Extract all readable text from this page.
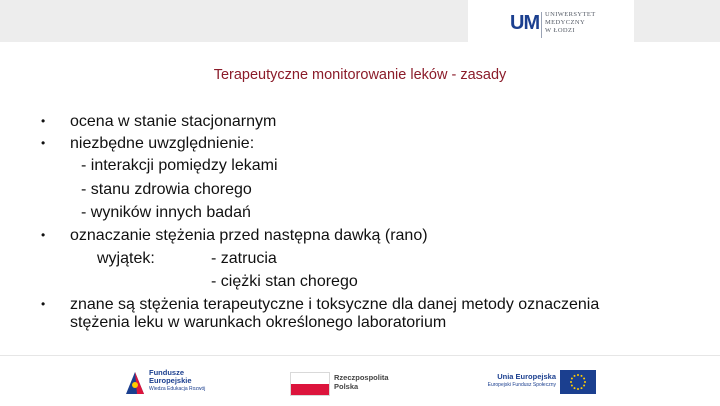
UM UNIWERSYTET
MEDYCZNY
W ŁODZI
Terapeutyczne monitorowanie leków - zasady
• ocena w stanie stacjonarnym
• niezbędne uwzględnienie:
- interakcji pomiędzy lekami
- stanu zdrowia chorego
- wyników innych badań
• oznaczanie stężenia przed następna dawką (rano)
wyjątek:	- zatrucia
- ciężki stan chorego
• znane są stężenia terapeutyczne i toksyczne dla danej metody oznaczenia
stężenia leku w warunkach określonego laboratorium
Fundusze
Europejskie
Wiedza Edukacja Rozwój
Rzeczpospolita
Polska
Unia Europejska
Europejski Fundusz Społeczny
